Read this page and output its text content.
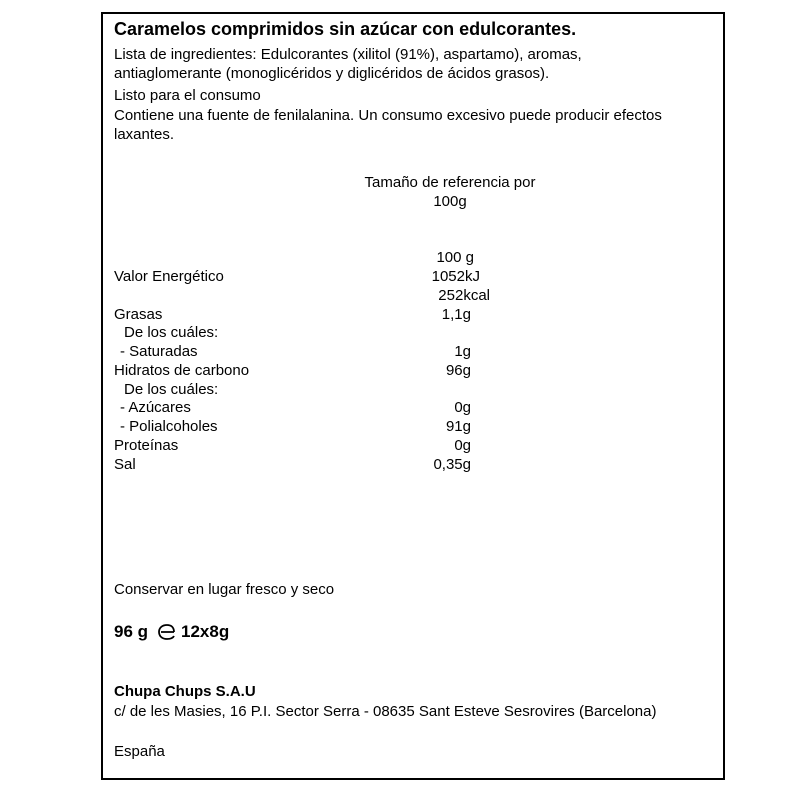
Caramelos comprimidos sin azúcar con edulcorantes.
Lista de ingredientes: Edulcorantes (xilitol (91%), aspartamo), aromas,
antiaglomerante (monoglicéridos y diglicéridos de ácidos grasos).
Listo para el consumo
Contiene una fuente de fenilalanina. Un consumo excesivo puede producir efectos
laxantes.
Tamaño de referencia por
100g
100 g
Valor Energético	1052kJ
252kcal
Grasas	1,1g
De los cuáles:
- Saturadas	1g
Hidratos de carbono	96g
De los cuáles:
- Azúcares	0g
- Polialcoholes	91g
Proteínas	0g
Sal	0,35g
Conservar en lugar fresco y seco
96 g 12x8g
Chupa Chups S.A.U
c/ de les Masies, 16 P.I. Sector Serra - 08635 Sant Esteve Sesrovires (Barcelona)
España
